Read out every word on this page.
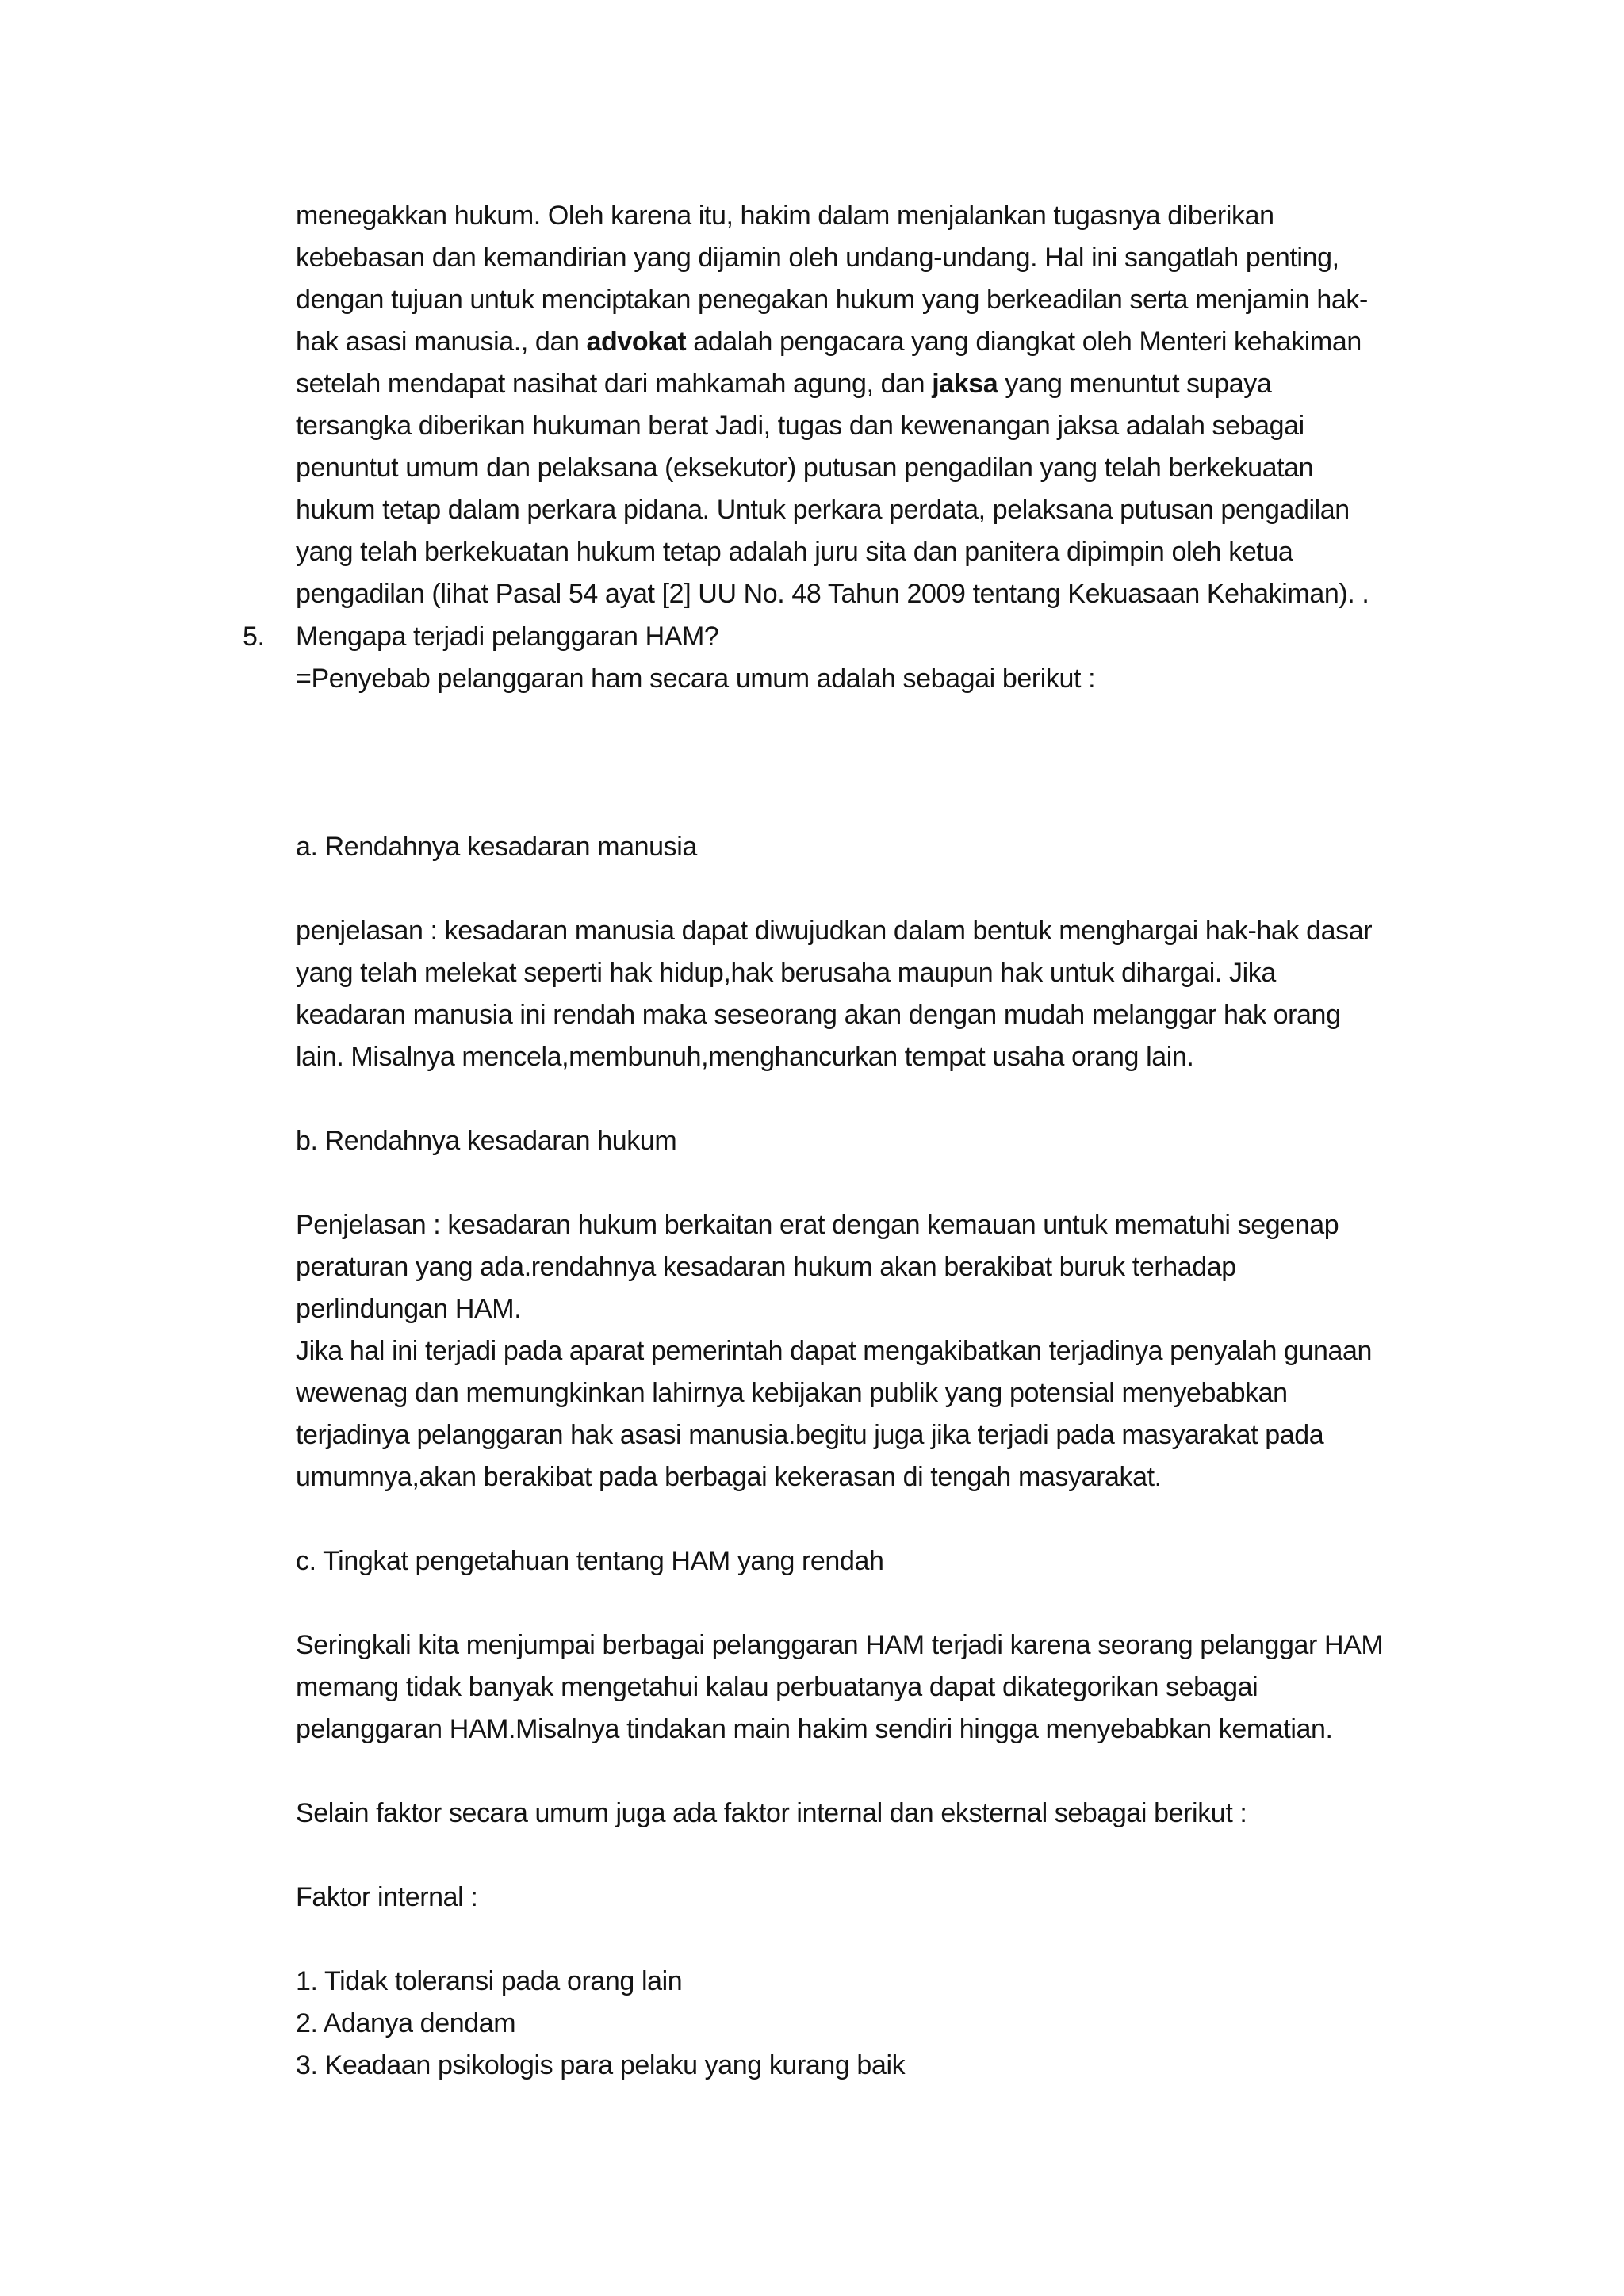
menegakkan hukum. Oleh karena itu, hakim dalam menjalankan tugasnya diberikan
kebebasan dan kemandirian yang dijamin oleh undang-undang. Hal ini sangatlah penting,
dengan tujuan untuk menciptakan penegakan hukum yang berkeadilan serta menjamin hak-
hak asasi manusia., dan advokat adalah pengacara yang diangkat oleh Menteri kehakiman
setelah mendapat nasihat dari mahkamah agung, dan jaksa yang menuntut supaya
tersangka diberikan hukuman berat Jadi, tugas dan kewenangan jaksa adalah sebagai
penuntut umum dan pelaksana (eksekutor) putusan pengadilan yang telah berkekuatan
hukum tetap dalam perkara pidana. Untuk perkara perdata, pelaksana putusan pengadilan
yang telah berkekuatan hukum tetap adalah juru sita dan panitera dipimpin oleh ketua
pengadilan (lihat Pasal 54 ayat [2] UU No. 48 Tahun 2009 tentang Kekuasaan Kehakiman). .
5. Mengapa terjadi pelanggaran HAM?
=Penyebab pelanggaran ham secara umum adalah sebagai berikut :
a. Rendahnya kesadaran manusia
penjelasan : kesadaran manusia dapat diwujudkan dalam bentuk menghargai hak-hak dasar
yang telah melekat seperti hak hidup,hak berusaha maupun hak untuk dihargai. Jika
keadaran manusia ini rendah maka seseorang akan dengan mudah melanggar hak orang
lain. Misalnya mencela,membunuh,menghancurkan tempat usaha orang lain.
b. Rendahnya kesadaran hukum
Penjelasan : kesadaran hukum berkaitan erat dengan kemauan untuk mematuhi segenap
peraturan yang ada.rendahnya kesadaran hukum akan berakibat buruk terhadap
perlindungan HAM.
Jika hal ini terjadi pada aparat pemerintah dapat mengakibatkan terjadinya penyalah gunaan
wewenag dan memungkinkan lahirnya kebijakan publik yang potensial menyebabkan
terjadinya pelanggaran hak asasi manusia.begitu juga jika terjadi pada masyarakat pada
umumnya,akan berakibat pada berbagai kekerasan di tengah masyarakat.
c. Tingkat pengetahuan tentang HAM yang rendah
Seringkali kita menjumpai berbagai pelanggaran HAM terjadi karena seorang pelanggar HAM
memang tidak banyak mengetahui kalau perbuatanya dapat dikategorikan sebagai
pelanggaran HAM.Misalnya tindakan main hakim sendiri hingga menyebabkan kematian.
Selain faktor secara umum juga ada faktor internal dan eksternal sebagai berikut :
Faktor internal :
1. Tidak toleransi pada orang lain
2. Adanya dendam
3. Keadaan psikologis para pelaku yang kurang baik
